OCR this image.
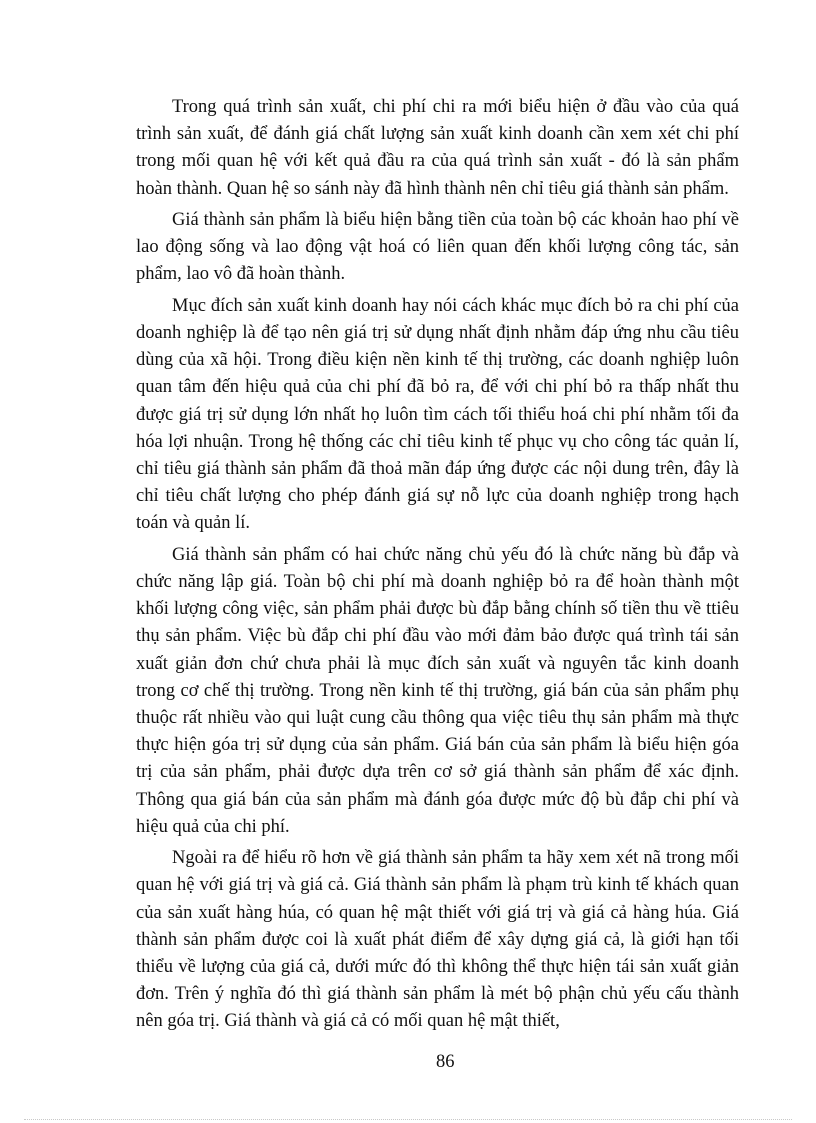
Trong quá trình sản xuất, chi phí chi ra mới biểu hiện ở đầu vào của quá trình sản xuất, để đánh giá chất lượng sản xuất kinh doanh cần xem xét chi phí trong mối quan hệ với kết quả đầu ra của quá trình sản xuất - đó là sản phẩm hoàn thành. Quan hệ so sánh này đã hình thành nên chỉ tiêu giá thành sản phẩm.

Giá thành sản phẩm là biểu hiện bằng tiền của toàn bộ các khoản hao phí về lao động sống và lao động vật hoá có liên quan đến khối lượng công tác, sản phẩm, lao vô đã hoàn thành.

Mục đích sản xuất kinh doanh hay nói cách khác mục đích bỏ ra chi phí của doanh nghiệp là để tạo nên giá trị sử dụng nhất định nhằm đáp ứng nhu cầu tiêu dùng của xã hội. Trong điều kiện nền kinh tế thị trường, các doanh nghiệp luôn quan tâm đến hiệu quả của chi phí đã bỏ ra, để với chi phí bỏ ra thấp nhất thu được giá trị sử dụng lớn nhất họ luôn tìm cách tối thiểu hoá chi phí nhằm tối đa hóa lợi nhuận. Trong hệ thống các chỉ tiêu kinh tế phục vụ cho công tác quản lí, chỉ tiêu giá thành sản phẩm đã thoả mãn đáp ứng được các nội dung trên, đây là chỉ tiêu chất lượng cho phép đánh giá sự nỗ lực của doanh nghiệp trong hạch toán và quản lí.

Giá thành sản phẩm có hai chức năng chủ yếu đó là chức năng bù đắp và chức năng lập giá. Toàn bộ chi phí mà doanh nghiệp bỏ ra để hoàn thành một khối lượng công việc, sản phẩm phải được bù đắp bằng chính số tiền thu về ttiêu thụ sản phẩm. Việc bù đắp chi phí đầu vào mới đảm bảo được quá trình tái sản xuất giản đơn chứ chưa phải là mục đích sản xuất và nguyên tắc kinh doanh trong cơ chế thị trường. Trong nền kinh tế thị trường, giá bán của sản phẩm phụ thuộc rất nhiều vào qui luật cung cầu thông qua việc tiêu thụ sản phẩm mà thực thực hiện góa trị sử dụng của sản phẩm. Giá bán của sản phẩm là biểu hiện góa trị của sản phẩm, phải được dựa trên cơ sở giá thành sản phẩm để xác định. Thông qua giá bán của sản phẩm mà đánh góa được mức độ bù đắp chi phí và hiệu quả của chi phí.

Ngoài ra để hiểu rõ hơn về giá thành sản phẩm ta hãy xem xét nã trong mối quan hệ với giá trị và giá cả. Giá thành sản phẩm là phạm trù kinh tế khách quan của sản xuất hàng húa, có quan hệ mật thiết với giá trị và giá cả hàng húa. Giá thành sản phẩm được coi là xuất phát điểm để xây dựng giá cả, là giới hạn tối thiểu về lượng của giá cả, dưới mức đó thì không thể thực hiện tái sản xuất giản đơn. Trên ý nghĩa đó thì giá thành sản phẩm là mét bộ phận chủ yếu cấu thành nên góa trị. Giá thành và giá cả có mối quan hệ mật thiết,

86
